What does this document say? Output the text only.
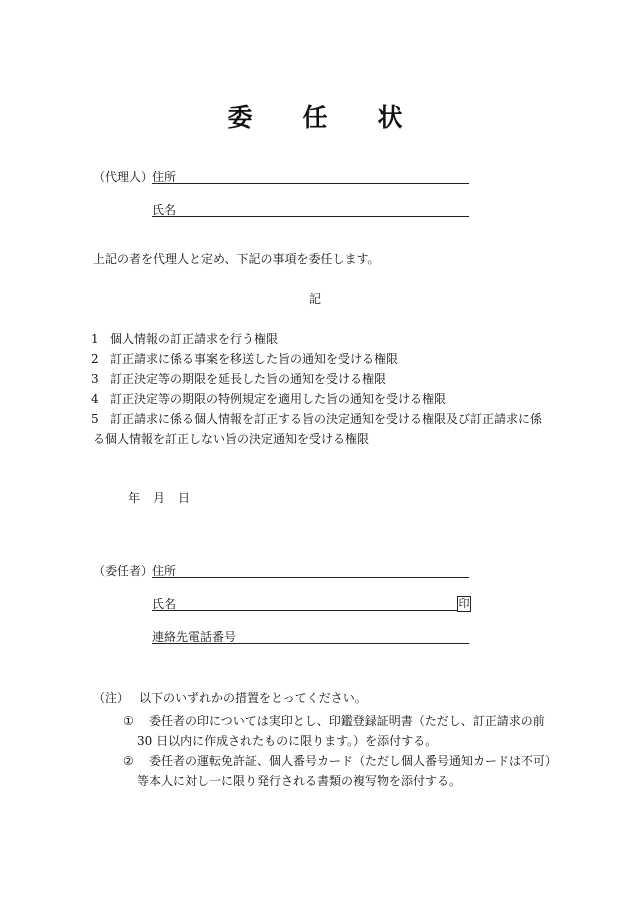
委 任 状
（代理人）
住所
氏名
上記の者を代理人と定め、下記の事項を委任します。
記
1 個人情報の訂正請求を行う権限
2 訂正請求に係る事案を移送した旨の通知を受ける権限
3 訂正決定等の期限を延長した旨の通知を受ける権限
4 訂正決定等の期限の特例規定を適用した旨の通知を受ける権限
5 訂正請求に係る個人情報を訂正する旨の決定通知を受ける権限及び訂正請求に係
る個人情報を訂正しない旨の決定通知を受ける権限
年 月 日
（委任者）
住所
氏名	印
連絡先電話番号
（注） 以下のいずれかの措置をとってください。
① 委任者の印については実印とし、印鑑登録証明書（ただし、訂正請求の前
30 日以内に作成されたものに限ります。）を添付する。
② 委任者の運転免許証、個人番号カード（ただし個人番号通知カードは不可）
等本人に対し一に限り発行される書類の複写物を添付する。
